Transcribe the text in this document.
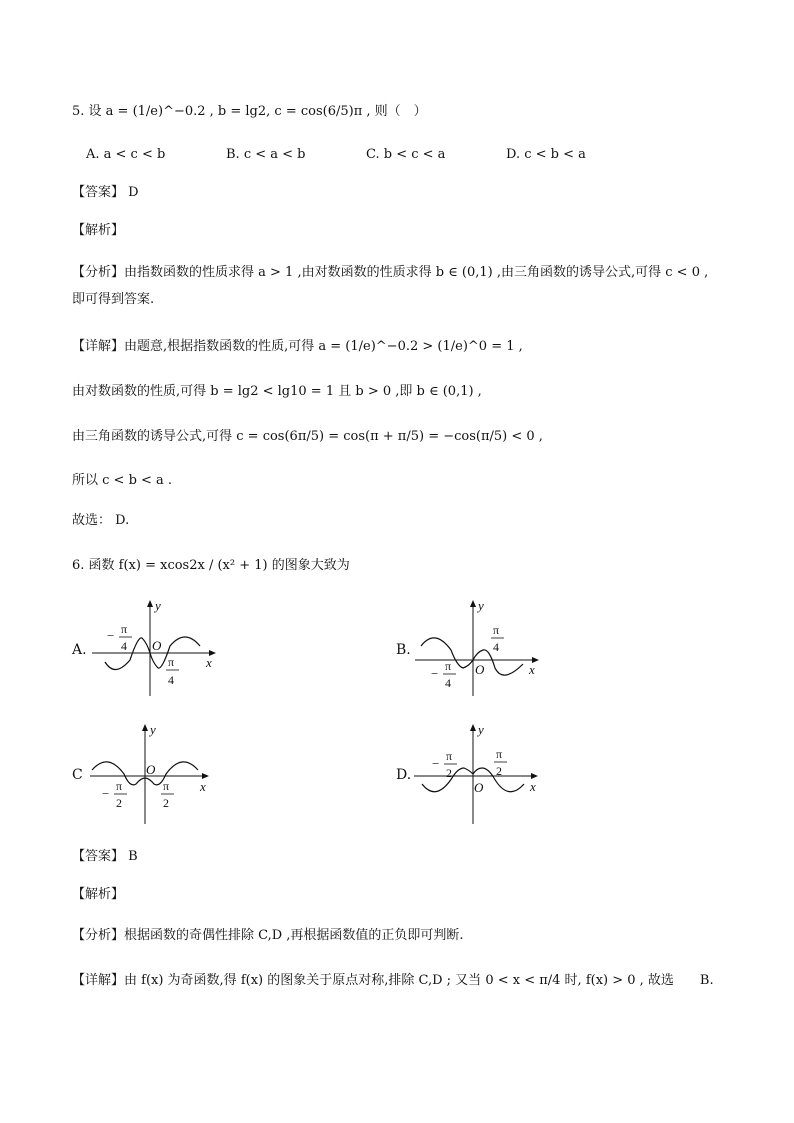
5. 设 a = (1/e)^−0.2 , b = lg2, c = cos(6/5)π , 则（　）
A. a < c < b	B. c < a < b	C. b < c < a	D. c < b < a
【答案】 D
【解析】
【分析】由指数函数的性质求得 a > 1 ,由对数函数的性质求得 b ∈ (0,1) ,由三角函数的诱导公式,可得 c < 0 ,
即可得到答案.
【详解】由题意,根据指数函数的性质,可得 a = (1/e)^−0.2 > (1/e)^0 = 1 ,
由对数函数的性质,可得 b = lg2 < lg10 = 1 且 b > 0 ,即 b ∈ (0,1) ,
由三角函数的诱导公式,可得 c = cos(6π/5) = cos(π + π/5) = −cos(π/5) < 0 ,
所以 c < b < a .
故选： D.
6. 函数 f(x) = xcos2x / (x² + 1) 的图象大致为
A.
y
x
O
− π
4
π
4
B.
y
x
O
π
4
− π
4
C
y
x
O
− π
2
π
2
D.
y
x
O
− π
2
π
2
【答案】 B
【解析】
【分析】根据函数的奇偶性排除 C,D ,再根据函数值的正负即可判断.
【详解】由 f(x) 为奇函数,得 f(x) 的图象关于原点对称,排除 C,D ; 又当 0 < x < π/4 时, f(x) > 0 , 故选　　B.
